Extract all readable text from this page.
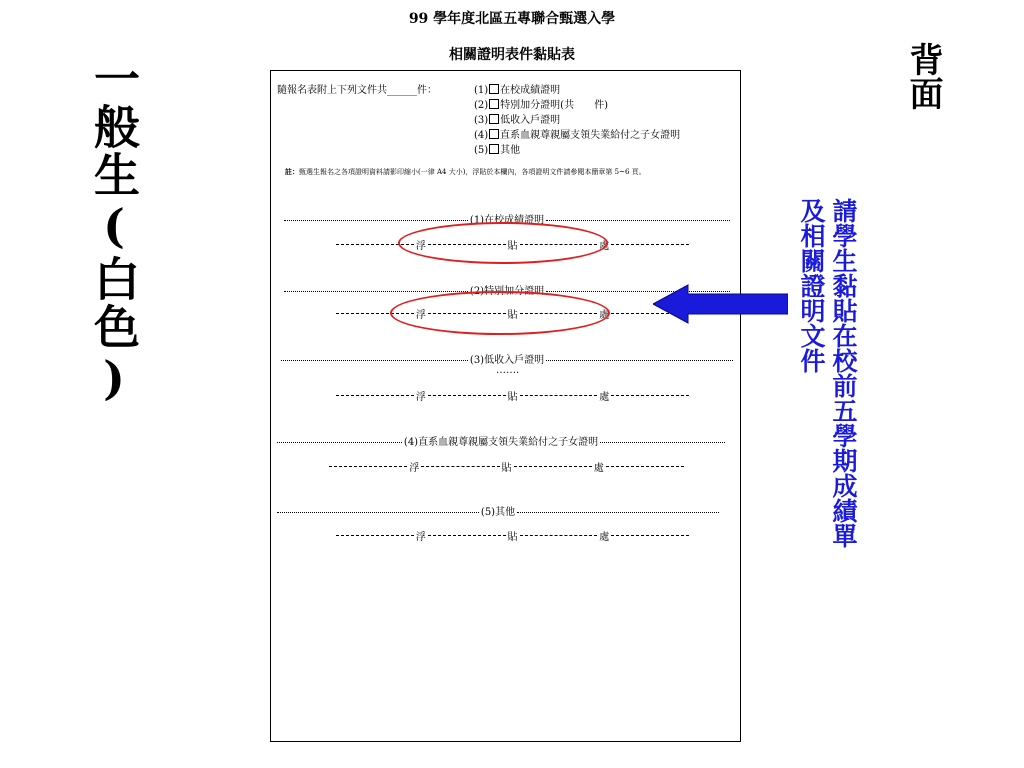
99 學年度北區五專聯合甄選入學
相關證明表件黏貼表
一般生(白色)	背面
請學生黏貼在校前五學期成績單
及相關證明文件
隨報名表附上下列文件共______件：	(1) 在校成績證明
(2) 特別加分證明(共　　件)
(3) 低收入戶證明
(4) 直系血親尊親屬支領失業給付之子女證明
(5) 其他
註：甄選生報名之各項證明資料請影印縮小(一律 A4 大小)，浮貼於本欄內，各項證明文件請參閱本簡章第 5~6 頁。
(1)在校成績證明
浮	貼	處
(2)特別加分證明
浮	貼	處
(3)低收入戶證明
…….
浮	貼	處
(4)直系血親尊親屬支領失業給付之子女證明
浮	貼	處
(5)其他
浮	貼	處
